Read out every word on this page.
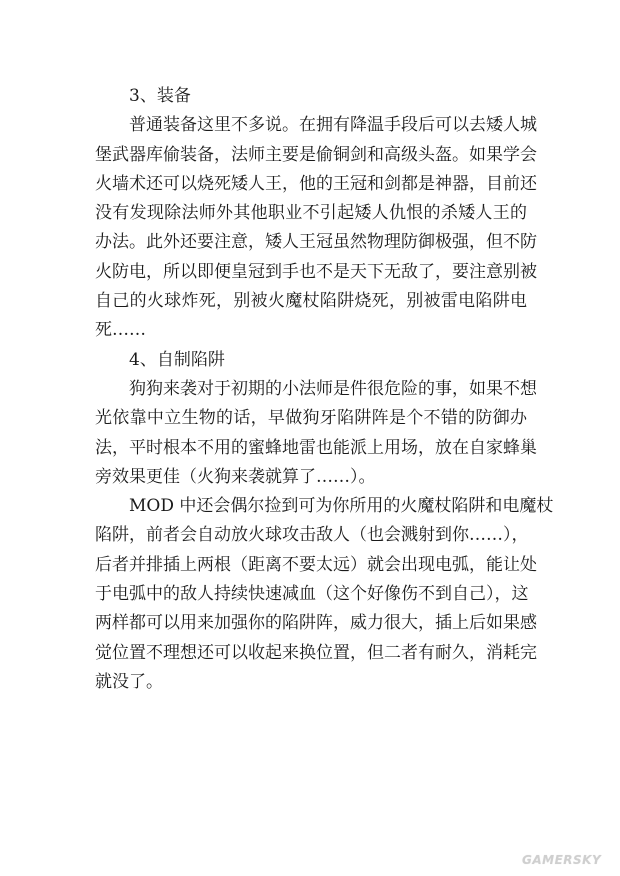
3、装备
普通装备这里不多说。在拥有降温手段后可以去矮人城
堡武器库偷装备，法师主要是偷铜剑和高级头盔。如果学会
火墙术还可以烧死矮人王，他的王冠和剑都是神器，目前还
没有发现除法师外其他职业不引起矮人仇恨的杀矮人王的
办法。此外还要注意，矮人王冠虽然物理防御极强，但不防
火防电，所以即便皇冠到手也不是天下无敌了，要注意别被
自己的火球炸死，别被火魔杖陷阱烧死，别被雷电陷阱电
死……
4、自制陷阱
狗狗来袭对于初期的小法师是件很危险的事，如果不想
光依靠中立生物的话，早做狗牙陷阱阵是个不错的防御办
法，平时根本不用的蜜蜂地雷也能派上用场，放在自家蜂巢
旁效果更佳（火狗来袭就算了……）。
MOD 中还会偶尔捡到可为你所用的火魔杖陷阱和电魔杖
陷阱，前者会自动放火球攻击敌人（也会溅射到你……），
后者并排插上两根（距离不要太远）就会出现电弧，能让处
于电弧中的敌人持续快速减血（这个好像伤不到自己），这
两样都可以用来加强你的陷阱阵，威力很大，插上后如果感
觉位置不理想还可以收起来换位置，但二者有耐久，消耗完
就没了。
GAMERSKY
